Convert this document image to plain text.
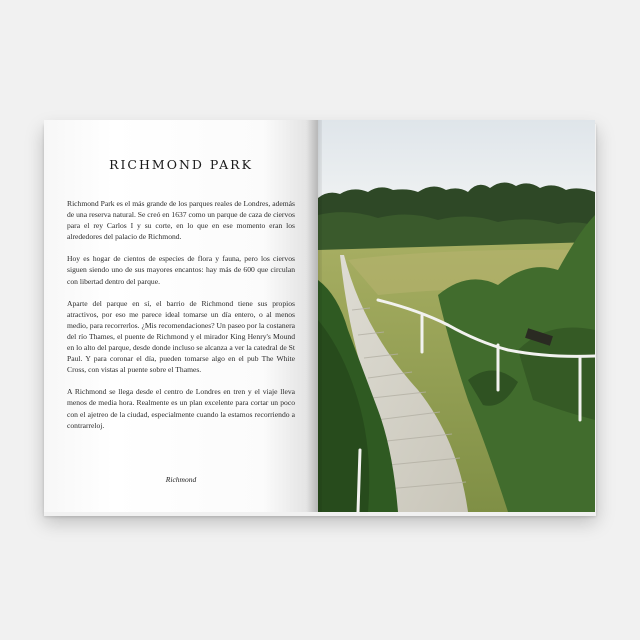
RICHMOND PARK

Richmond Park es el más grande de los parques reales de Londres, además de una reserva natural. Se creó en 1637 como un parque de caza de ciervos para el rey Carlos I y su corte, en lo que en ese momento eran los alrededores del palacio de Richmond.

Hoy es hogar de cientos de especies de flora y fauna, pero los ciervos siguen siendo uno de sus mayores encantos: hay más de 600 que circulan con libertad dentro del parque.

Aparte del parque en sí, el barrio de Richmond tiene sus propios atractivos, por eso me parece ideal tomarse un día entero, o al menos medio, para recorrerlos. ¿Mis recomendaciones? Un paseo por la costanera del río Thames, el puente de Richmond y el mirador King Henry's Mound en lo alto del parque, desde donde incluso se alcanza a ver la catedral de St Paul. Y para coronar el día, pueden tomarse algo en el pub The White Cross, con vistas al puente sobre el Thames.

A Richmond se llega desde el centro de Londres en tren y el viaje lleva menos de media hora. Realmente es un plan excelente para cortar un poco con el ajetreo de la ciudad, especialmente cuando la estamos recorriendo a contrarreloj.

Richmond
